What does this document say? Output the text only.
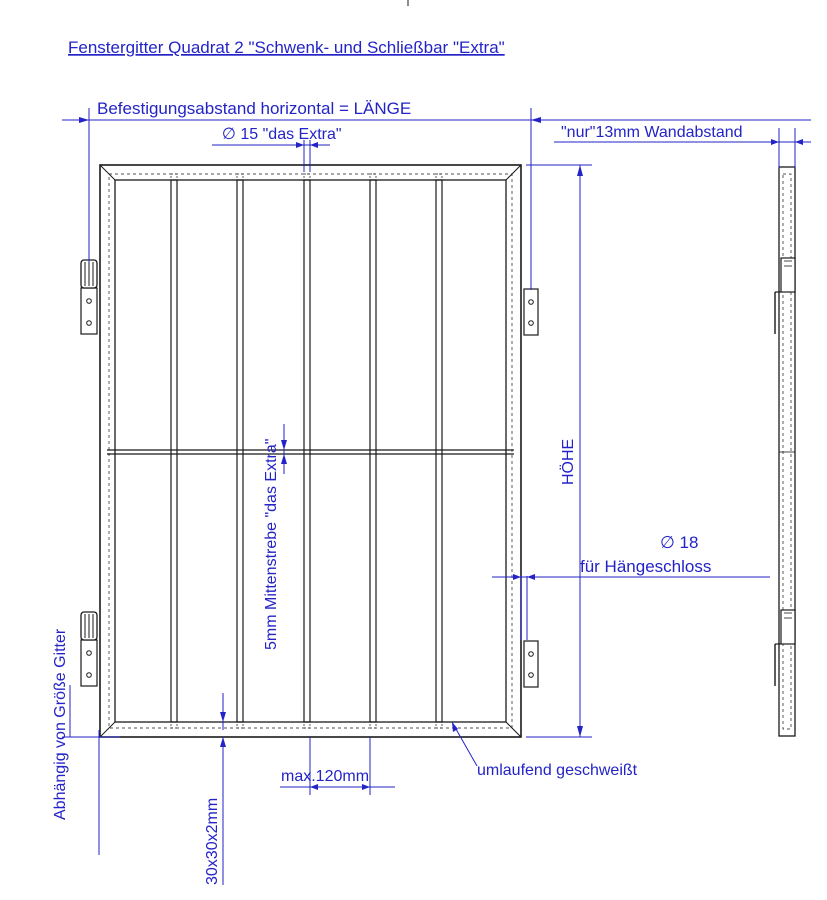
Fenstergitter Quadrat 2 "Schwenk- und Schließbar "Extra"
Befestigungsabstand horizontal = LÄNGE
∅ 15 "das Extra"	"nur"13mm Wandabstand
HÖHE
5mm Mittenstrebe "das Extra"	∅ 18
für Hängeschloss
Abhängig von Größe Gitter
30x30x2mm
max.120mm	umlaufend geschweißt
